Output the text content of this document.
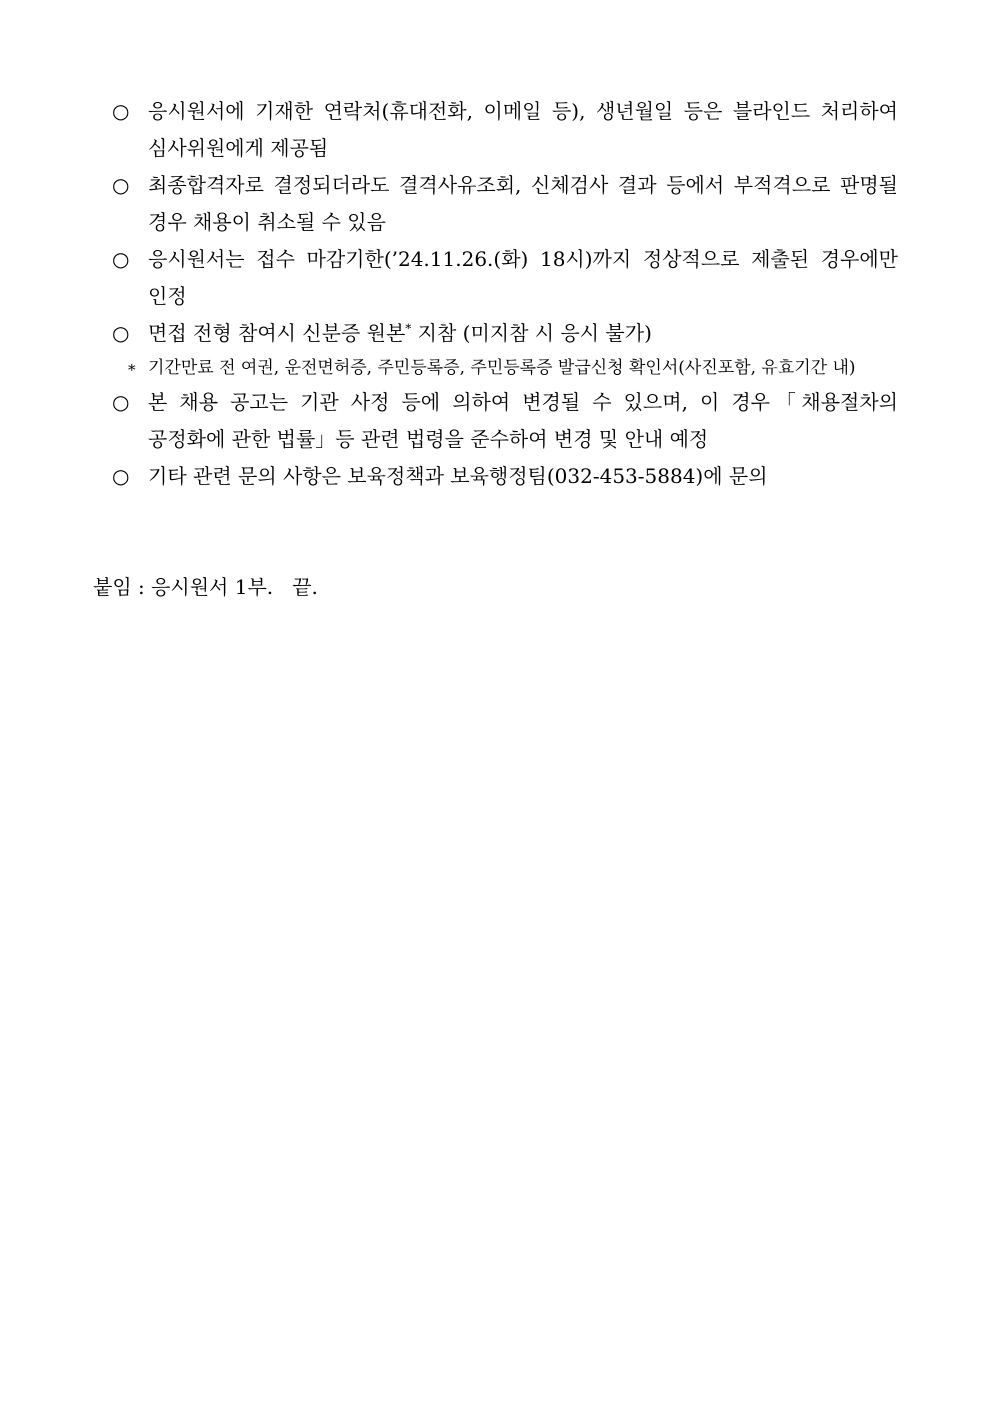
○ 응시원서에 기재한 연락처(휴대전화, 이메일 등), 생년월일 등은 블라인드 처리하여 심사위원에게 제공됨
○ 최종합격자로 결정되더라도 결격사유조회, 신체검사 결과 등에서 부적격으로 판명될 경우 채용이 취소될 수 있음
○ 응시원서는 접수 마감기한(’24.11.26.(화) 18시)까지 정상적으로 제출된 경우에만 인정
○ 면접 전형 참여시 신분증 원본* 지참 (미지참 시 응시 불가)
* 기간만료 전 여권, 운전면허증, 주민등록증, 주민등록증 발급신청 확인서(사진포함, 유효기간 내)
○ 본 채용 공고는 기관 사정 등에 의하여 변경될 수 있으며, 이 경우「채용절차의 공정화에 관한 법률」등 관련 법령을 준수하여 변경 및 안내 예정
○ 기타 관련 문의 사항은 보육정책과 보육행정팀(032-453-5884)에 문의
붙임 : 응시원서 1부.   끝.
